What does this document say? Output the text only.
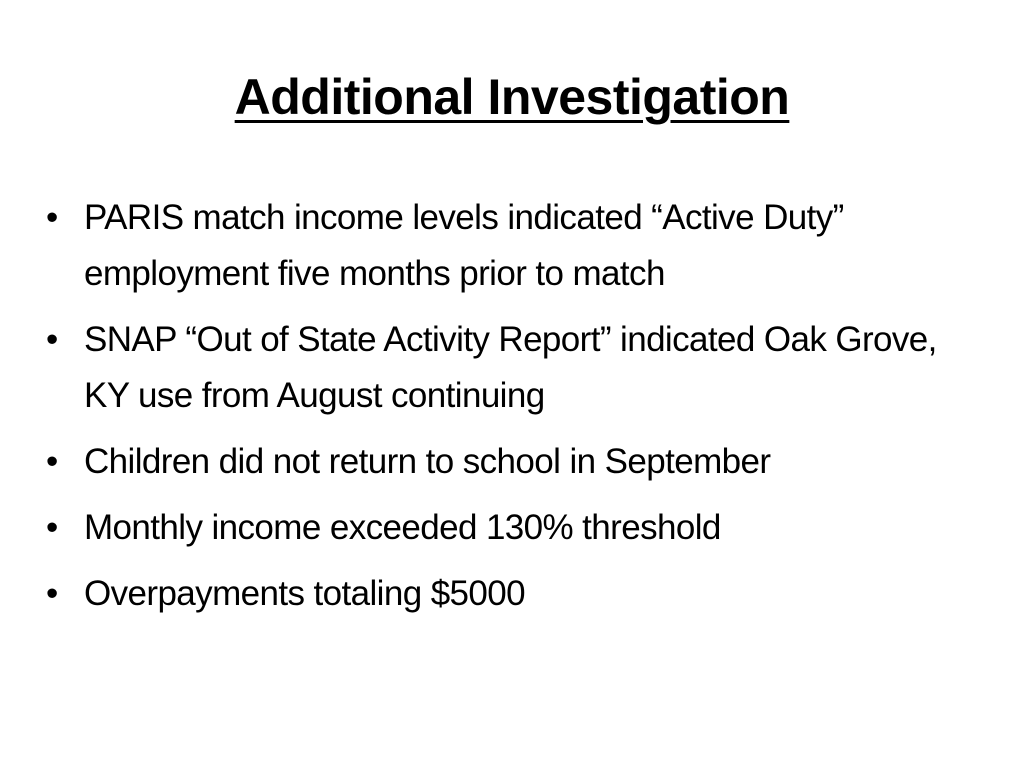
Additional Investigation
• PARIS match income levels indicated “Active Duty” employment five months prior to match
• SNAP “Out of State Activity Report” indicated Oak Grove, KY use from August continuing
• Children did not return to school in September
• Monthly income exceeded 130% threshold
• Overpayments totaling $5000
